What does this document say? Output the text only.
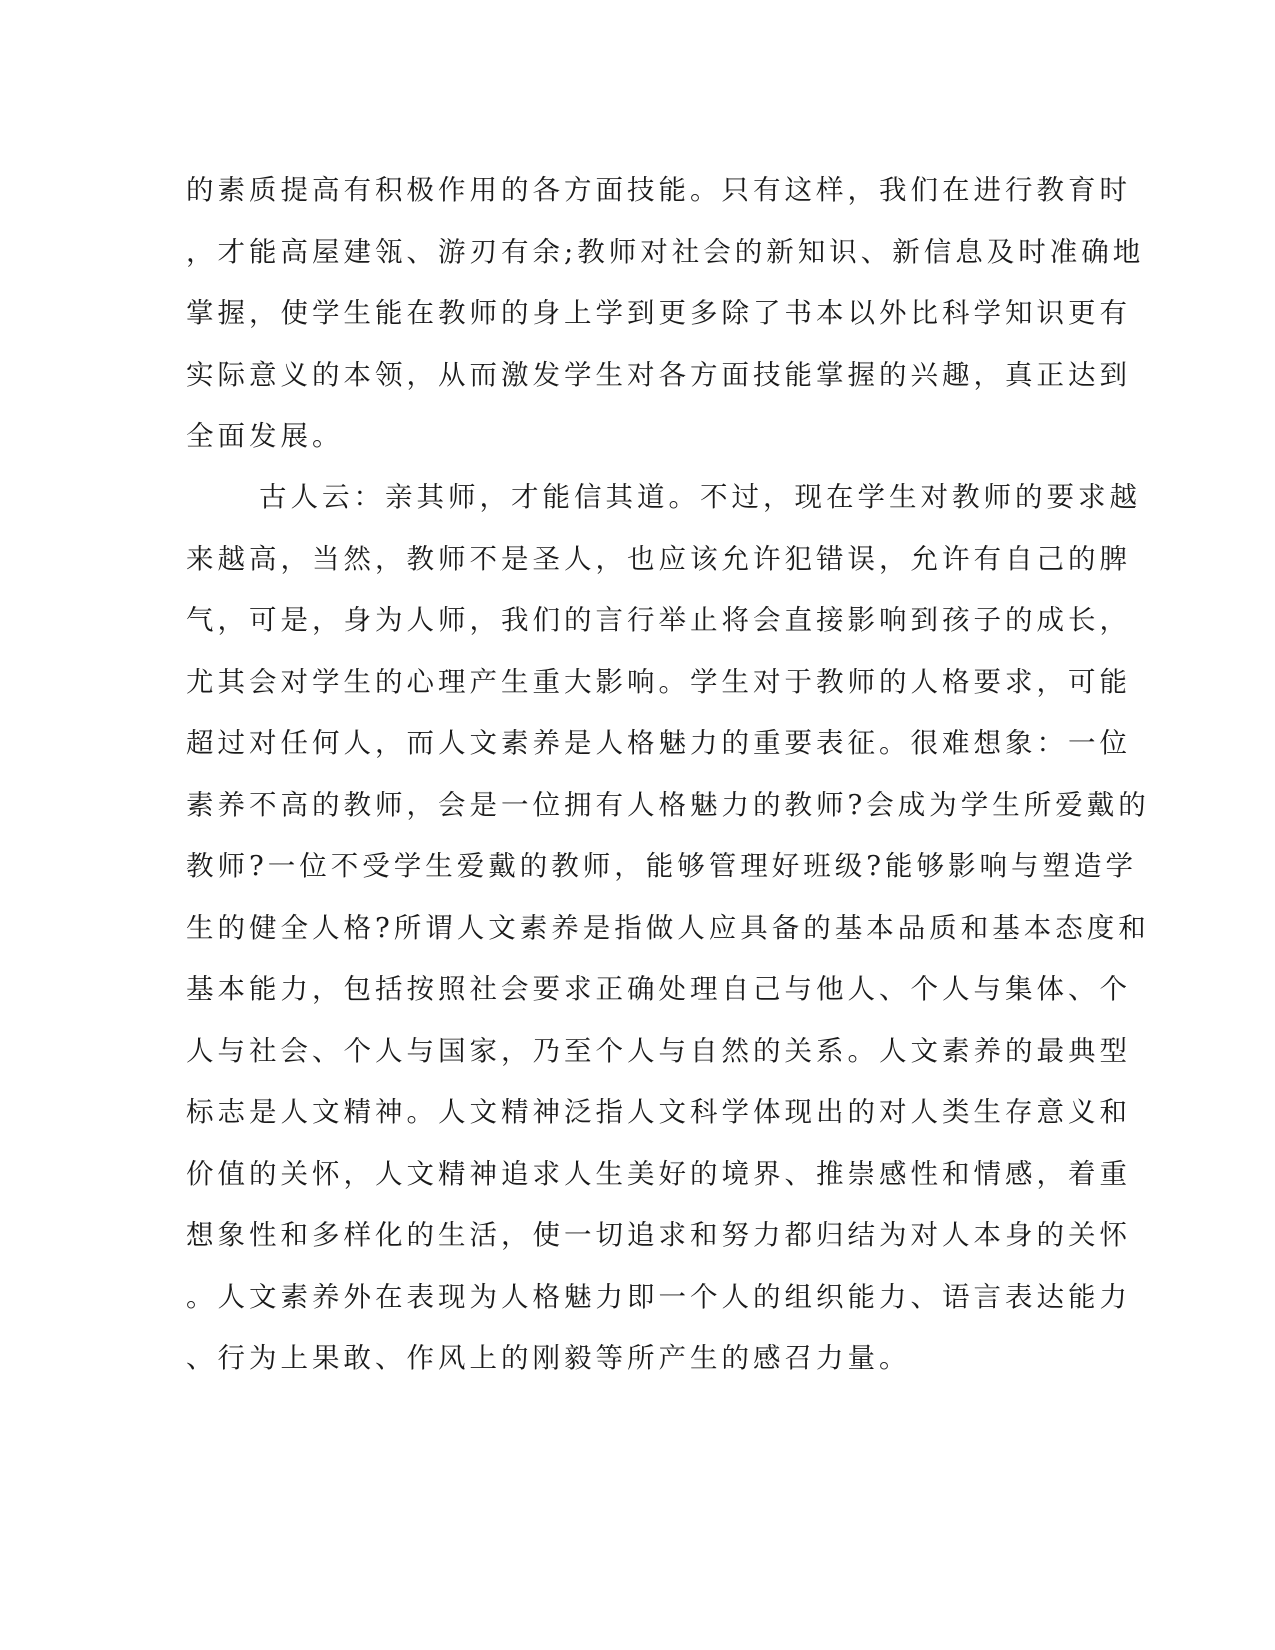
的素质提高有积极作用的各方面技能。只有这样，我们在进行教育时
，才能高屋建瓴、游刃有余;教师对社会的新知识、新信息及时准确地
掌握，使学生能在教师的身上学到更多除了书本以外比科学知识更有
实际意义的本领，从而激发学生对各方面技能掌握的兴趣，真正达到
全面发展。
古人云：亲其师，才能信其道。不过，现在学生对教师的要求越
来越高，当然，教师不是圣人，也应该允许犯错误，允许有自己的脾
气，可是，身为人师，我们的言行举止将会直接影响到孩子的成长，
尤其会对学生的心理产生重大影响。学生对于教师的人格要求，可能
超过对任何人，而人文素养是人格魅力的重要表征。很难想象：一位
素养不高的教师，会是一位拥有人格魅力的教师?会成为学生所爱戴的
教师?一位不受学生爱戴的教师，能够管理好班级?能够影响与塑造学
生的健全人格?所谓人文素养是指做人应具备的基本品质和基本态度和
基本能力，包括按照社会要求正确处理自己与他人、个人与集体、个
人与社会、个人与国家，乃至个人与自然的关系。人文素养的最典型
标志是人文精神。人文精神泛指人文科学体现出的对人类生存意义和
价值的关怀，人文精神追求人生美好的境界、推崇感性和情感，着重
想象性和多样化的生活，使一切追求和努力都归结为对人本身的关怀
。人文素养外在表现为人格魅力即一个人的组织能力、语言表达能力
、行为上果敢、作风上的刚毅等所产生的感召力量。
